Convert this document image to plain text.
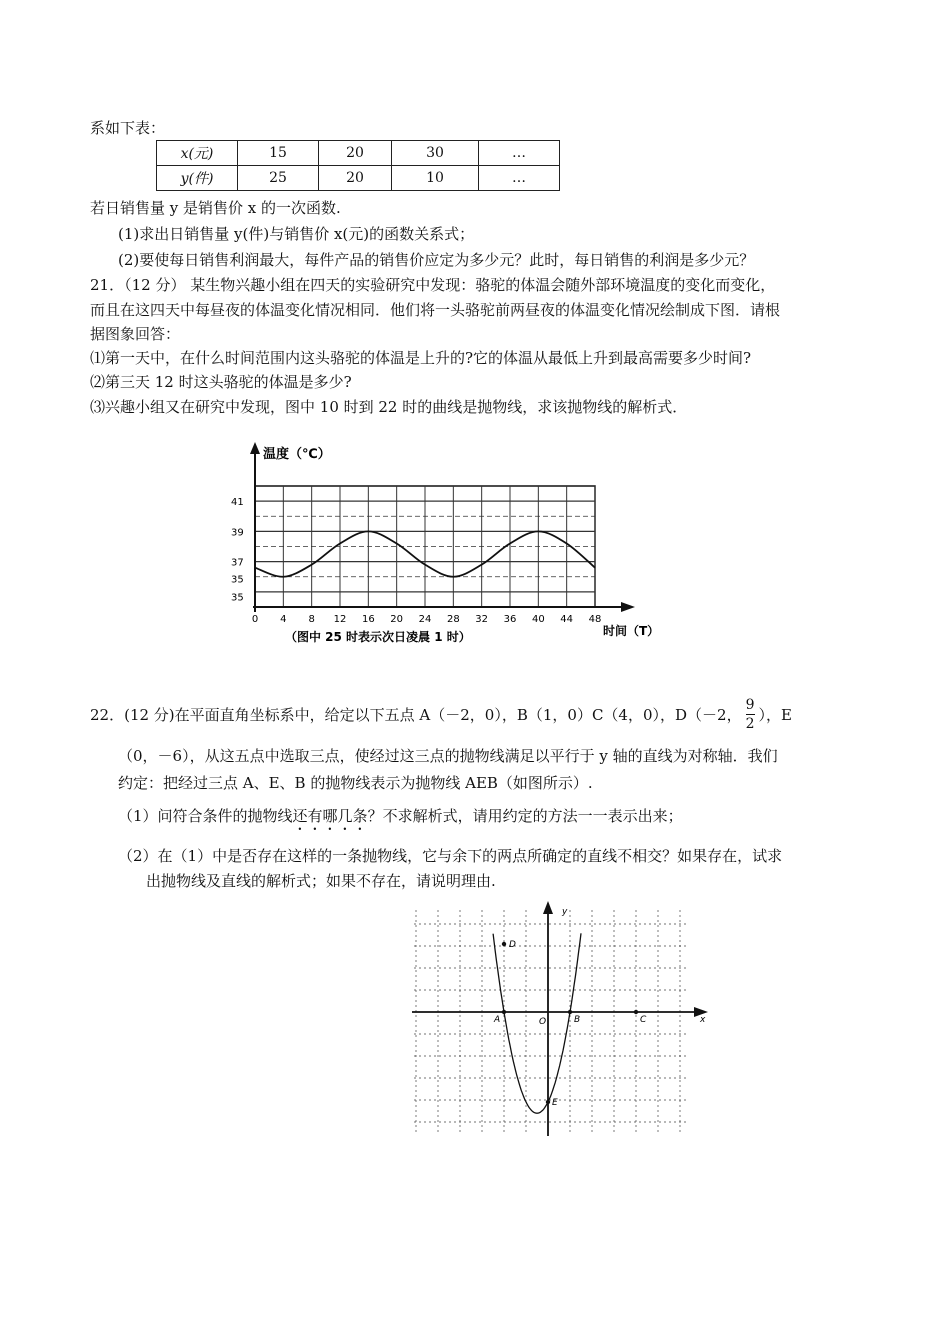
系如下表：
x(元)	15	20	30	…
y(件)	25	20	10	…
若日销售量 y 是销售价 x 的一次函数.
(1)求出日销售量 y(件)与销售价 x(元)的函数关系式；
(2)要使每日销售利润最大，每件产品的销售价应定为多少元？此时，每日销售的利润是多少元？
21．（12 分） 某生物兴趣小组在四天的实验研究中发现：骆驼的体温会随外部环境温度的变化而变化，
而且在这四天中每昼夜的体温变化情况相同．他们将一头骆驼前两昼夜的体温变化情况绘制成下图．请根
据图象回答：
⑴第一天中，在什么时间范围内这头骆驼的体温是上升的?它的体温从最低上升到最高需要多少时间?
⑵第三天 12 时这头骆驼的体温是多少?
⑶兴趣小组又在研究中发现，图中 10 时到 22 时的曲线是抛物线，求该抛物线的解析式．
温度（℃）
时间（T）
（图中 25 时表示次日凌晨 1 时）
41
39
37
35
35
0 4 8 12 16 20 24 28 32 36 40 44 48
22．(12 分)在平面直角坐标系中，给定以下五点 A（－2，0），B（1，0）C（4，0），D（－2， $\frac{9}{2}$ ），E
（0，－6），从这五点中选取三点，使经过这三点的抛物线满足以平行于 y 轴的直线为对称轴．我们
约定：把经过三点 A、E、B 的抛物线表示为抛物线 AEB（如图所示）.
（1）问符合条件的抛物线还有哪几条？不求解析式，请用约定的方法一一表示出来；
（2）在（1）中是否存在这样的一条抛物线，它与余下的两点所确定的直线不相交？如果存在，试求
出抛物线及直线的解析式；如果不存在，请说明理由.
y
x
O
A	B	C
D
E
